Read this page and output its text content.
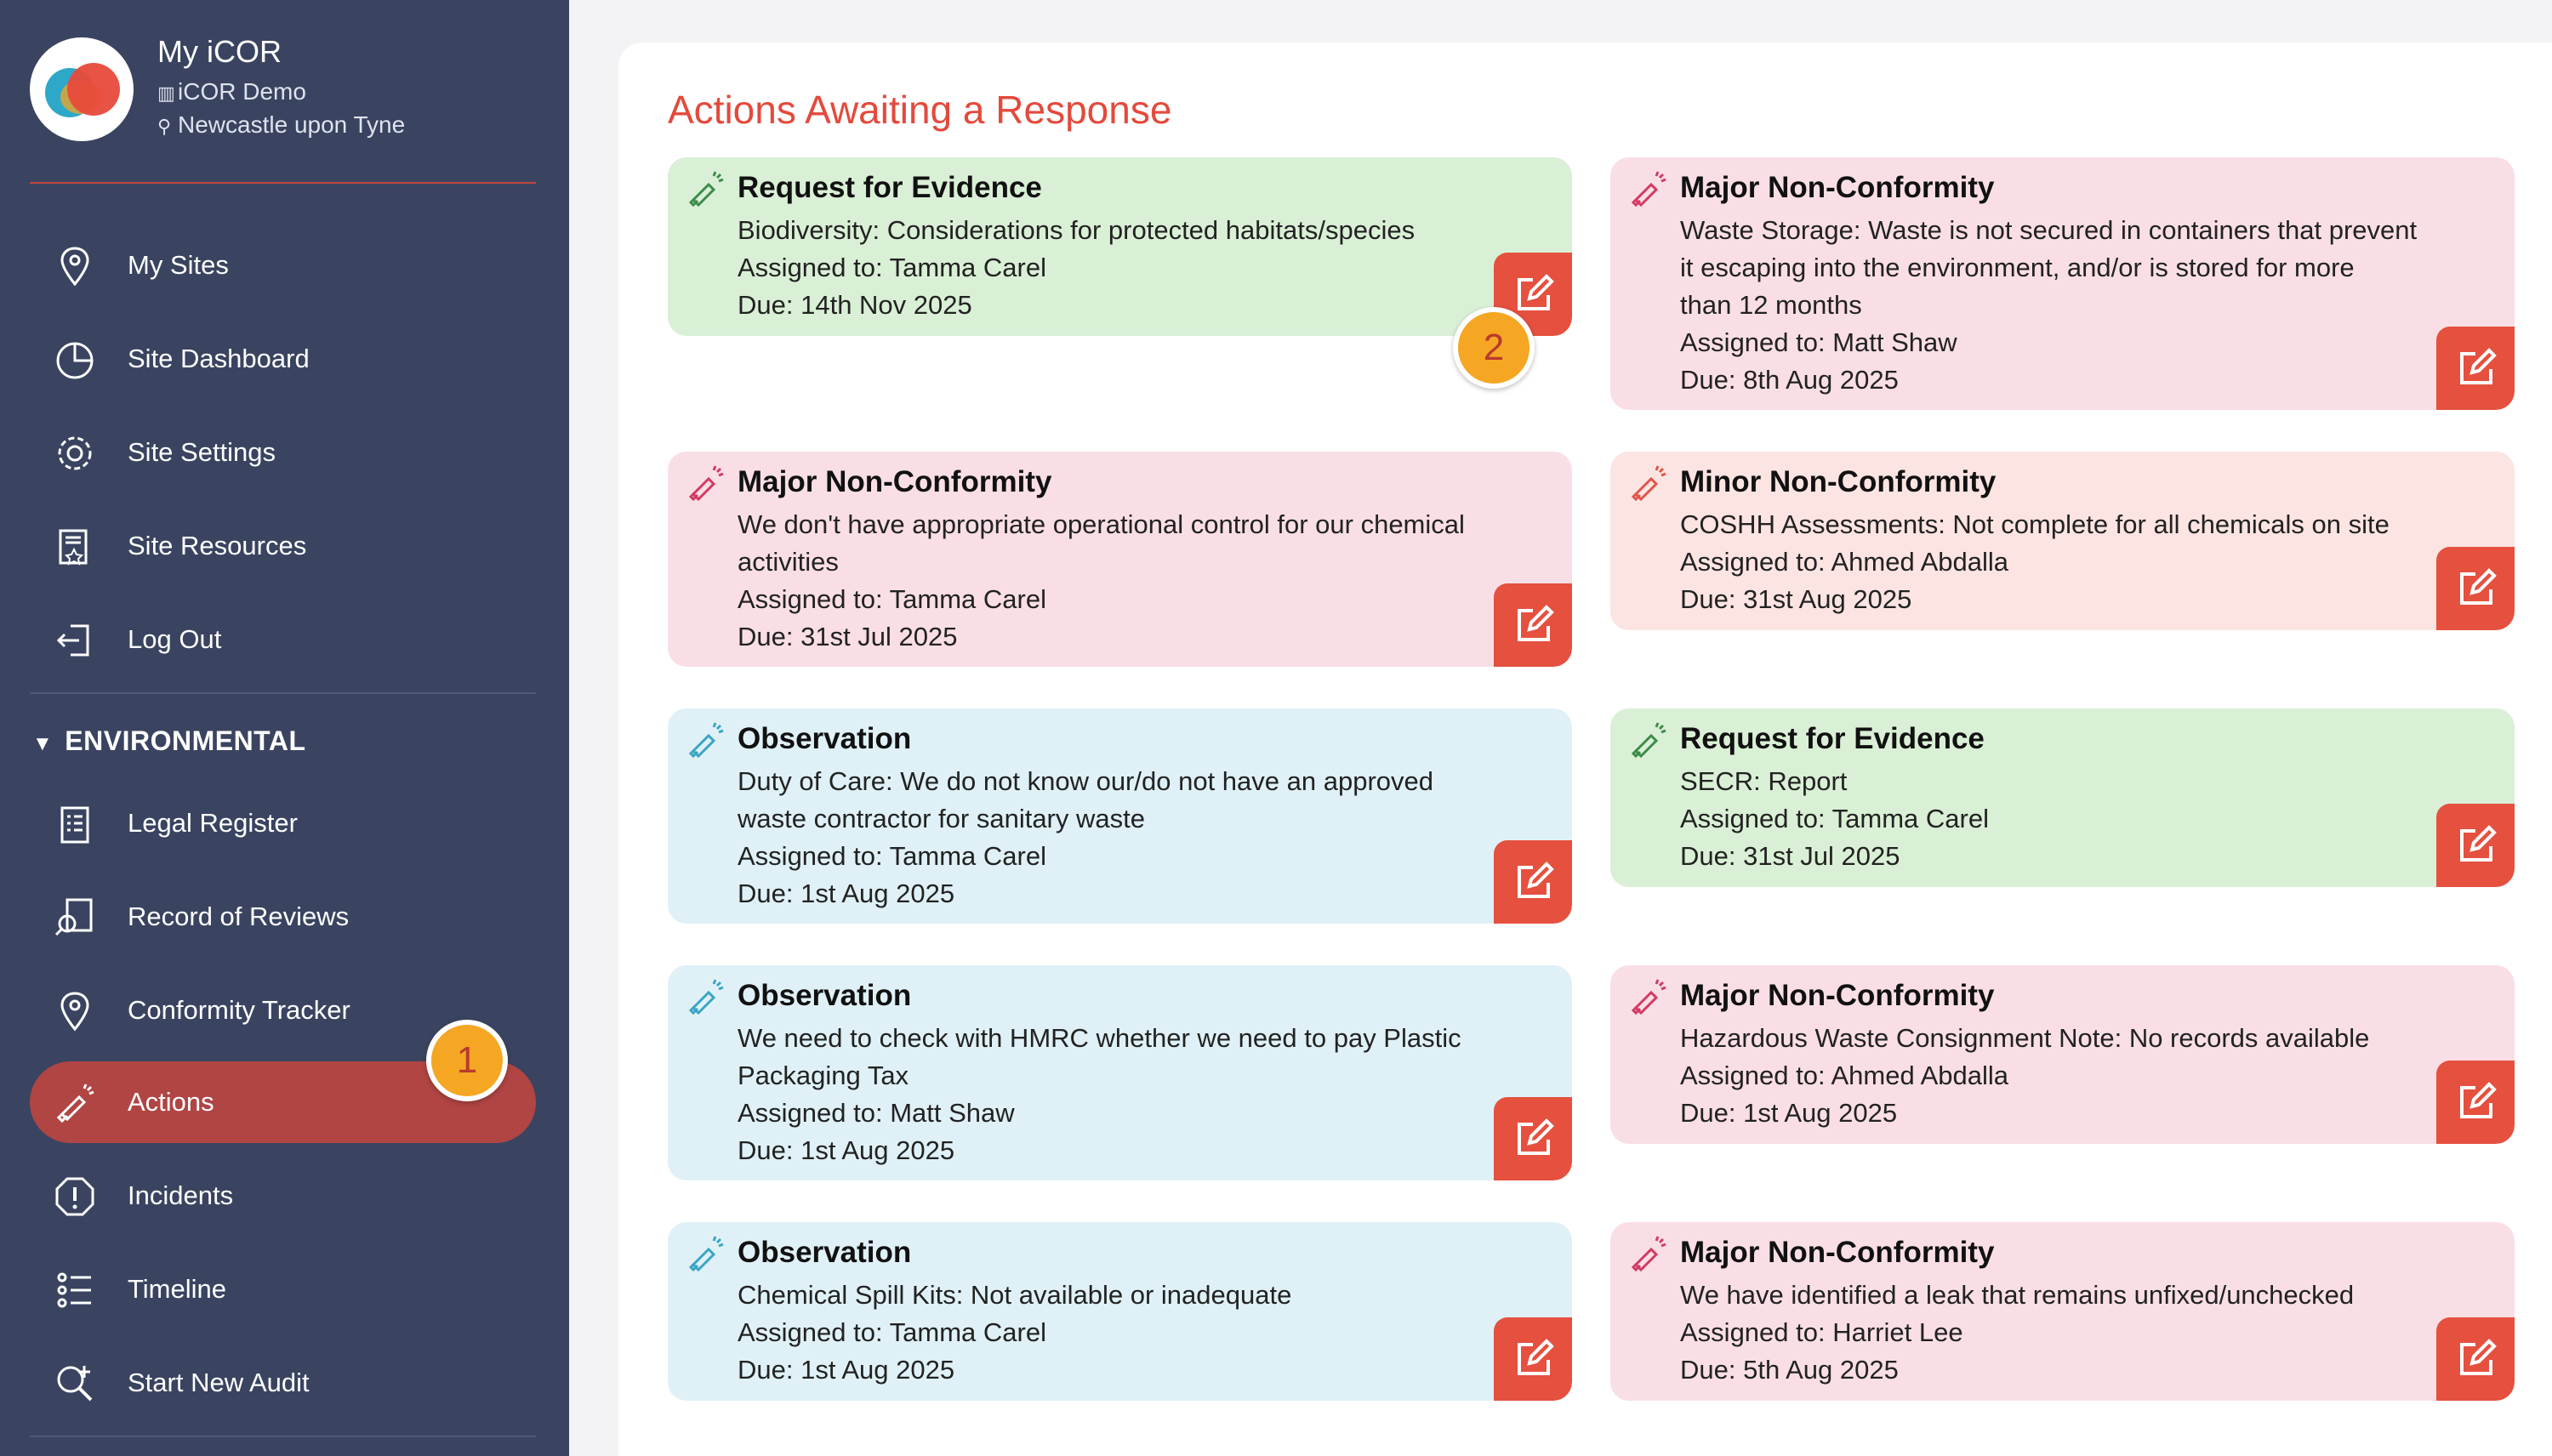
My iCOR
▥ iCOR Demo
⚲ Newcastle upon Tyne
My Sites
Site Dashboard
Site Settings
Site Resources
Log Out
▼ ENVIRONMENTAL
Legal Register
Record of Reviews
Conformity Tracker
Actions
Incidents
Timeline
Start New Audit
1
Actions Awaiting a Response
Request for Evidence
Biodiversity: Considerations for protected habitats/species
Assigned to: Tamma Carel
Due: 14th Nov 2025
Major Non-Conformity
Waste Storage: Waste is not secured in containers that prevent
it escaping into the environment, and/or is stored for more
than 12 months
Assigned to: Matt Shaw
Due: 8th Aug 2025
Major Non-Conformity
We don't have appropriate operational control for our chemical
activities
Assigned to: Tamma Carel
Due: 31st Jul 2025
Minor Non-Conformity
COSHH Assessments: Not complete for all chemicals on site
Assigned to: Ahmed Abdalla
Due: 31st Aug 2025
Observation
Duty of Care: We do not know our/do not have an approved
waste contractor for sanitary waste
Assigned to: Tamma Carel
Due: 1st Aug 2025
Request for Evidence
SECR: Report
Assigned to: Tamma Carel
Due: 31st Jul 2025
Observation
We need to check with HMRC whether we need to pay Plastic
Packaging Tax
Assigned to: Matt Shaw
Due: 1st Aug 2025
Major Non-Conformity
Hazardous Waste Consignment Note: No records available
Assigned to: Ahmed Abdalla
Due: 1st Aug 2025
Observation
Chemical Spill Kits: Not available or inadequate
Assigned to: Tamma Carel
Due: 1st Aug 2025
Major Non-Conformity
We have identified a leak that remains unfixed/unchecked
Assigned to: Harriet Lee
Due: 5th Aug 2025
2
